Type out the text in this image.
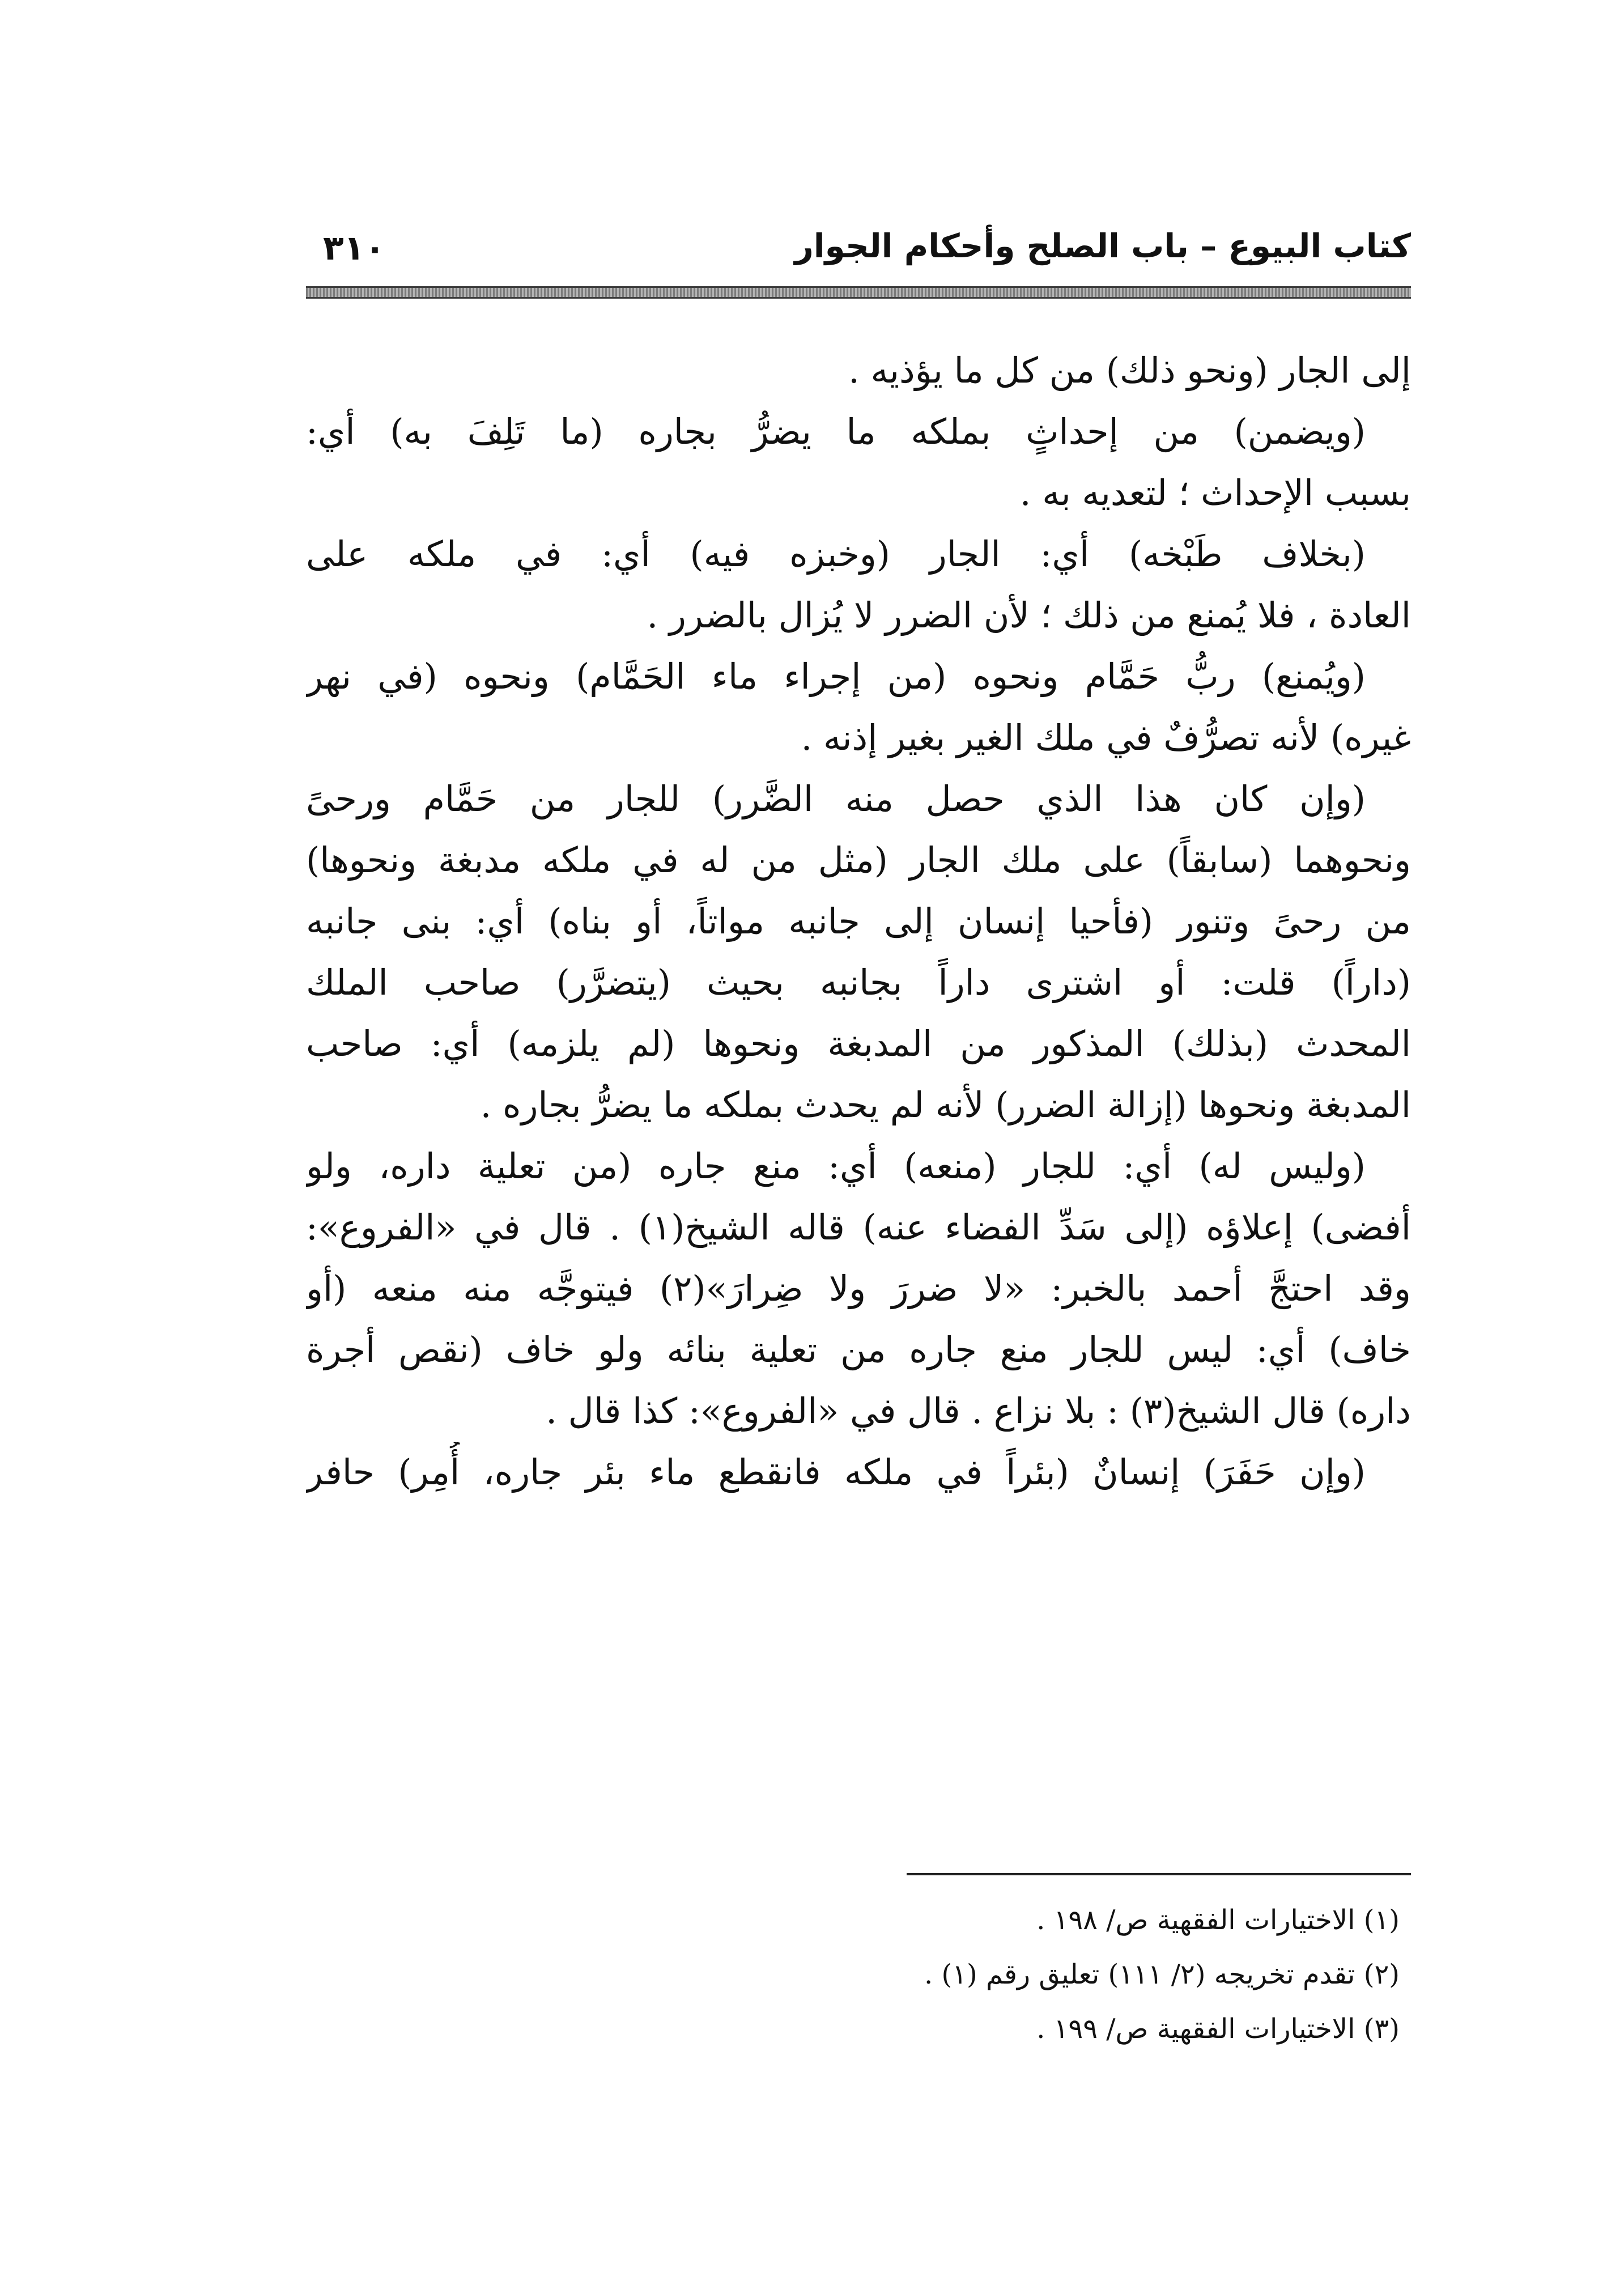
كتاب البيوع – باب الصلح وأحكام الجوار
٣١٠
إلى الجار (ونحو ذلك) من كل ما يؤذيه .
(ويضمن) من إحداثٍ بملكه ما يضرُّ بجاره (ما تَلِفَ به) أي:
بسبب الإحداث ؛ لتعديه به .
(بخلاف طَبْخه) أي: الجار (وخبزه فيه) أي: في ملكه على
العادة ، فلا يُمنع من ذلك ؛ لأن الضرر لا يُزال بالضرر .
(ويُمنع) ربُّ حَمَّام ونحوه (من إجراء ماء الحَمَّام) ونحوه (في نهر
غيره) لأنه تصرُّفٌ في ملك الغير بغير إذنه .
(وإن كان هذا الذي حصل منه الضَّرر) للجار من حَمَّام ورحىً
ونحوهما (سابقاً) على ملك الجار (مثل من له في ملكه مدبغة ونحوها)
من رحىً وتنور (فأحيا إنسان إلى جانبه مواتاً، أو بناه) أي: بنى جانبه
(داراً) قلت: أو اشترى داراً بجانبه بحيث (يتضرَّر) صاحب الملك
المحدث (بذلك) المذكور من المدبغة ونحوها (لم يلزمه) أي: صاحب
المدبغة ونحوها (إزالة الضرر) لأنه لم يحدث بملكه ما يضرُّ بجاره .
(وليس له) أي: للجار (منعه) أي: منع جاره (من تعلية داره، ولو
أفضى) إعلاؤه (إلى سَدِّ الفضاء عنه) قاله الشيخ(١) . قال في «الفروع»:
وقد احتجَّ أحمد بالخبر: «لا ضررَ ولا ضِرارَ»(٢) فيتوجَّه منه منعه (أو
خاف) أي: ليس للجار منع جاره من تعلية بنائه ولو خاف (نقص أجرة
داره) قال الشيخ(٣) : بلا نزاع . قال في «الفروع»: كذا قال .
(وإن حَفَرَ) إنسانٌ (بئراً في ملكه فانقطع ماء بئر جاره، أُمِر) حافر
(١) الاختيارات الفقهية ص/ ١٩٨ .
(٢) تقدم تخريجه (٢/ ١١١) تعليق رقم (١) .
(٣) الاختيارات الفقهية ص/ ١٩٩ .
